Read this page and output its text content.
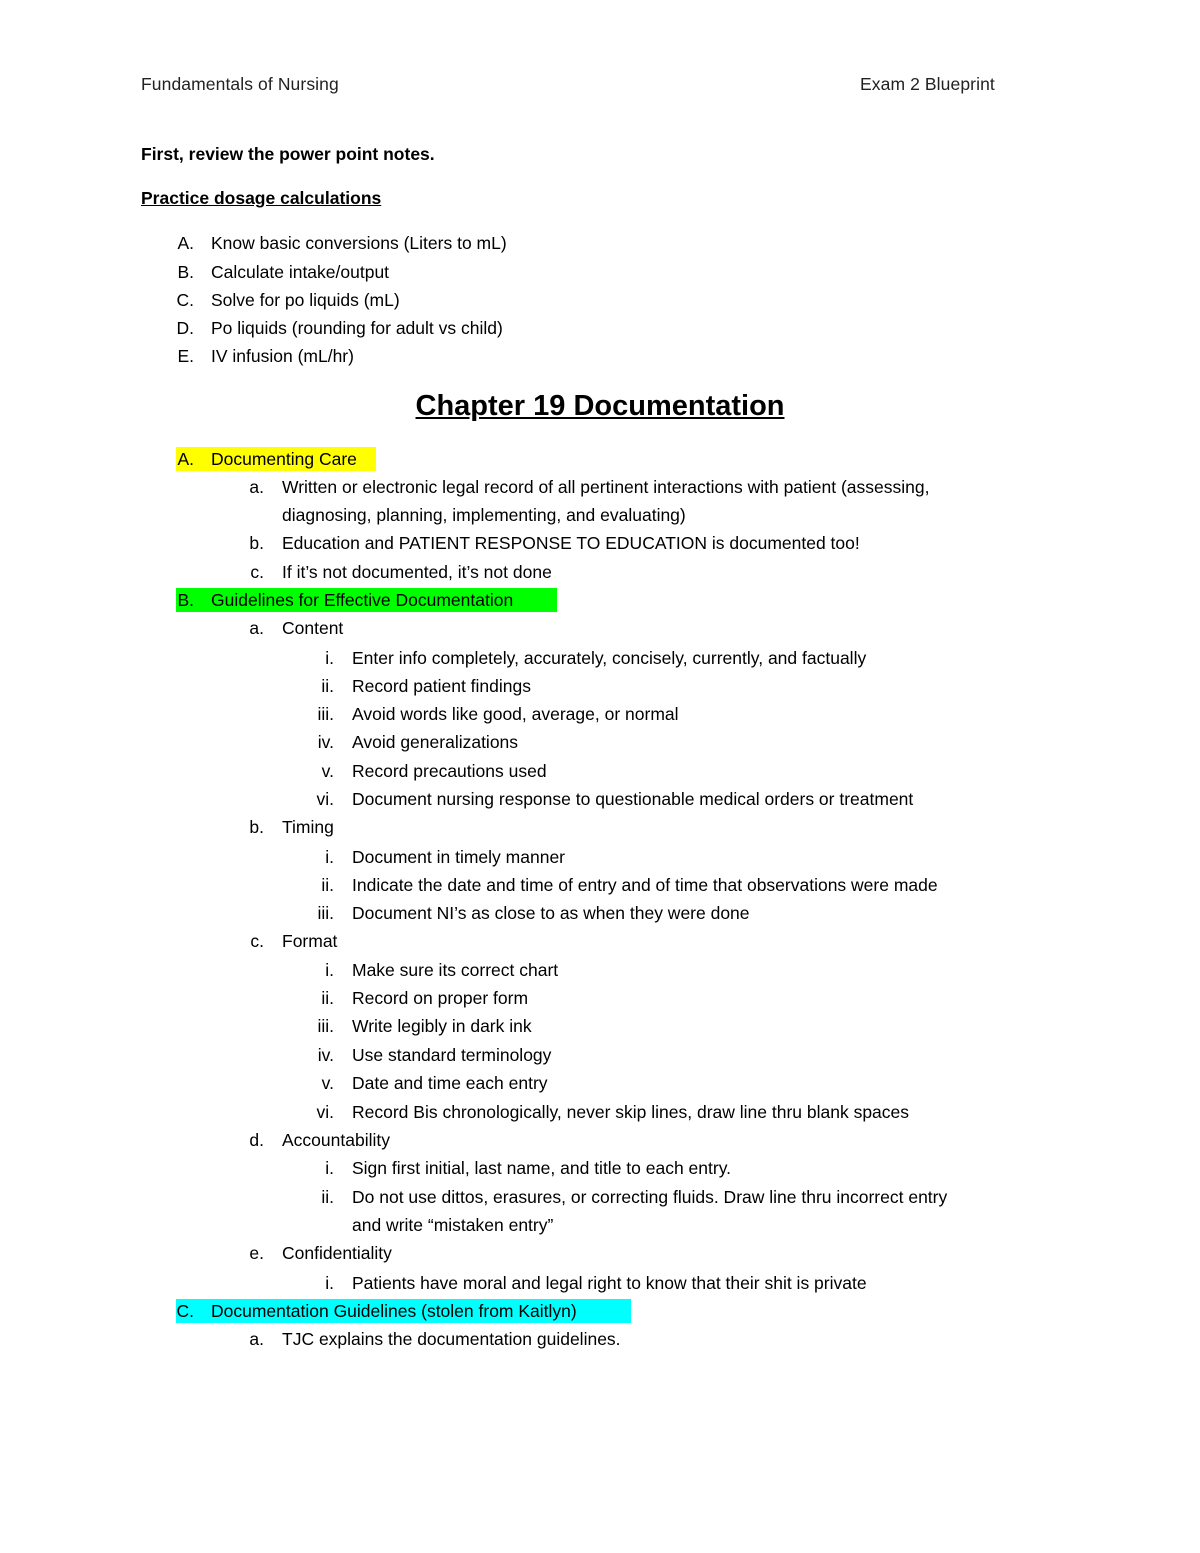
Fundamentals of Nursing	Exam 2 Blueprint
First, review the power point notes.
Practice dosage calculations
A. Know basic conversions (Liters to mL)
B. Calculate intake/output
C. Solve for po liquids (mL)
D. Po liquids (rounding for adult vs child)
E. IV infusion (mL/hr)
Chapter 19 Documentation
A. Documenting Care
a. Written or electronic legal record of all pertinent interactions with patient (assessing,
diagnosing, planning, implementing, and evaluating)
b. Education and PATIENT RESPONSE TO EDUCATION is documented too!
c. If it’s not documented, it’s not done
B. Guidelines for Effective Documentation
a. Content
i. Enter info completely, accurately, concisely, currently, and factually
ii. Record patient findings
iii. Avoid words like good, average, or normal
iv. Avoid generalizations
v. Record precautions used
vi. Document nursing response to questionable medical orders or treatment
b. Timing
i. Document in timely manner
ii. Indicate the date and time of entry and of time that observations were made
iii. Document NI’s as close to as when they were done
c. Format
i. Make sure its correct chart
ii. Record on proper form
iii. Write legibly in dark ink
iv. Use standard terminology
v. Date and time each entry
vi. Record Bis chronologically, never skip lines, draw line thru blank spaces
d. Accountability
i. Sign first initial, last name, and title to each entry.
ii. Do not use dittos, erasures, or correcting fluids. Draw line thru incorrect entry
and write “mistaken entry”
e. Confidentiality
i. Patients have moral and legal right to know that their shit is private
C. Documentation Guidelines (stolen from Kaitlyn)
a. TJC explains the documentation guidelines.
